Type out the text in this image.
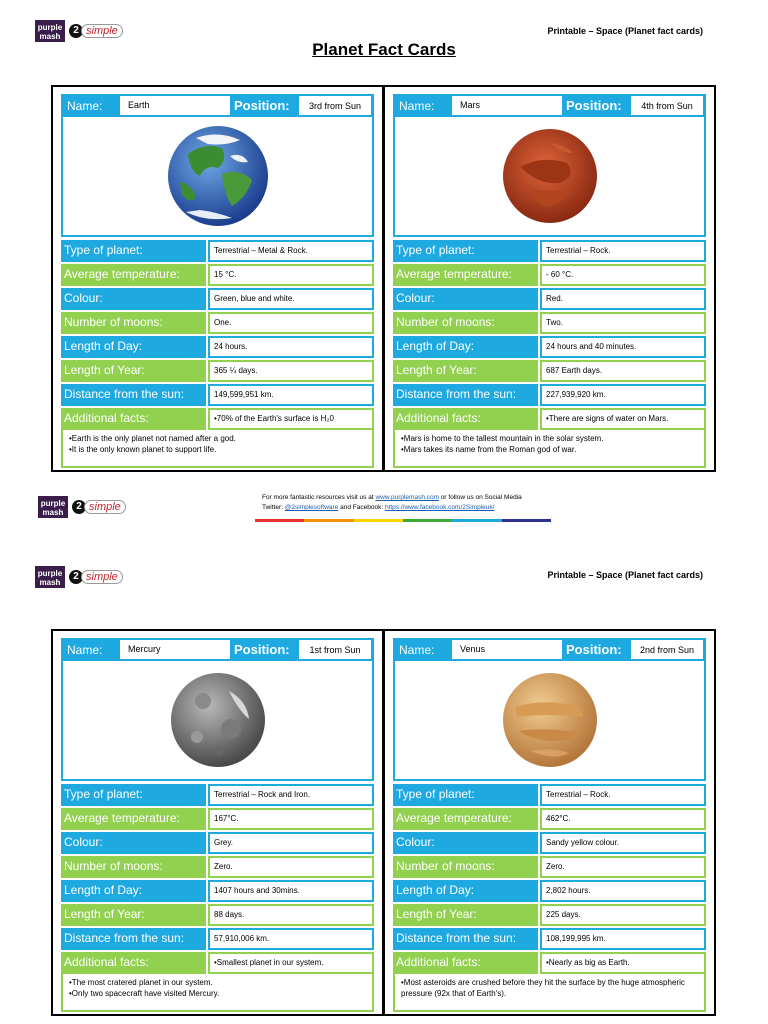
purple mash
2 simple	Printable – Space (Planet fact cards)
Planet Fact Cards
Name:	Earth	Position:	3rd from Sun
Type of planet:	Terrestrial – Metal & Rock.
Average temperature:	15 °C.
Colour:	Green, blue and white.
Number of moons:	One.
Length of Day:	24 hours.
Length of Year:	365 ¼ days.
Distance from the sun:	149,599,951 km.
Additional facts:	•70% of the Earth's surface is H₂0
•Earth is the only planet not named after a god.
•It is the only known planet to support life.
Name:	Mars	Position:	4th from Sun
Type of planet:	Terrestrial – Rock.
Average temperature:	- 60 °C.
Colour:	Red.
Number of moons:	Two.
Length of Day:	24 hours and 40 minutes.
Length of Year:	687 Earth days.
Distance from the sun:	227,939,920 km.
Additional facts:	•There are signs of water on Mars.
•Mars is home to the tallest mountain in the solar system.
•Mars takes its name from the Roman god of war.
purple mash
2 simple
For more fantastic resources visit us at www.purplemash.com or follow us on Social Media
Twitter: @2simplesoftware and Facebook: https://www.facebook.com/2Simpleuk/
purple mash
2 simple	Printable – Space (Planet fact cards)
Name:	Mercury	Position:	1st from Sun
Type of planet:	Terrestrial – Rock and Iron.
Average temperature:	167°C.
Colour:	Grey.
Number of moons:	Zero.
Length of Day:	1407 hours and 30mins.
Length of Year:	88 days.
Distance from the sun:	57,910,006 km.
Additional facts:	•Smallest planet in our system.
•The most cratered planet in our system.
•Only two spacecraft have visited Mercury.
Name:	Venus	Position:	2nd from Sun
Type of planet:	Terrestrial – Rock.
Average temperature:	462°C.
Colour:	Sandy yellow colour.
Number of moons:	Zero.
Length of Day:	2,802 hours.
Length of Year:	225 days.
Distance from the sun:	108,199,995 km.
Additional facts:	•Nearly as big as Earth.
•Most asteroids are crushed before they hit the surface by the huge atmospheric pressure (92x that of Earth's).
